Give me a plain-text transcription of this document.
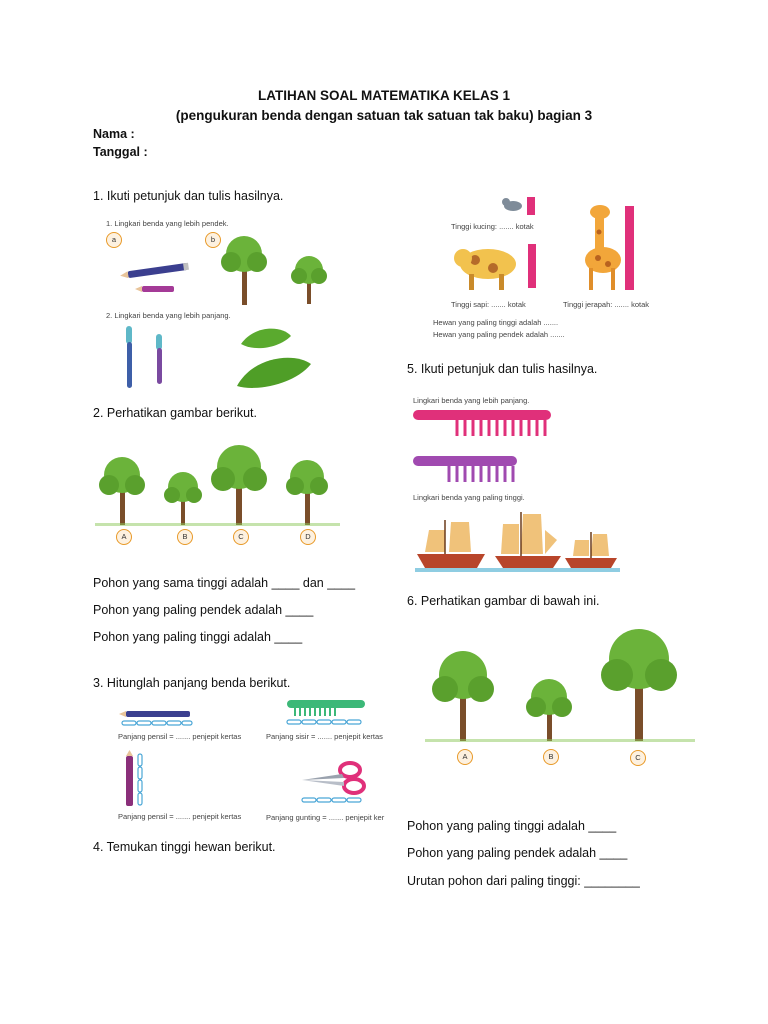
LATIHAN SOAL MATEMATIKA KELAS 1
(pengukuran benda dengan satuan tak satuan tak baku) bagian 3
Nama :
Tanggal :
1. Ikuti petunjuk dan tulis hasilnya.
1. Lingkari benda yang lebih pendek.
a	b
2. Lingkari benda yang lebih panjang.
2. Perhatikan gambar berikut.
A	B	C	D
Pohon yang sama tinggi adalah ____ dan ____
Pohon yang paling pendek adalah ____
Pohon yang paling tinggi adalah ____
3. Hitunglah panjang benda berikut.
Panjang pensil = ....... penjepit kertas	Panjang sisir = ....... penjepit kertas
Panjang pensil = ....... penjepit kertas	Panjang gunting = ....... penjepit ker
4. Temukan tinggi hewan berikut.
Tinggi kucing: ....... kotak
Tinggi sapi: ....... kotak	Tinggi jerapah: ....... kotak
Hewan yang paling tinggi adalah .......
Hewan yang paling pendek adalah .......
5. Ikuti petunjuk dan tulis hasilnya.
Lingkari benda yang lebih panjang.
Lingkari benda yang paling tinggi.
6. Perhatikan gambar di bawah ini.
A	B	C
Pohon yang paling tinggi adalah ____
Pohon yang paling pendek adalah ____
Urutan pohon dari paling tinggi: ________
